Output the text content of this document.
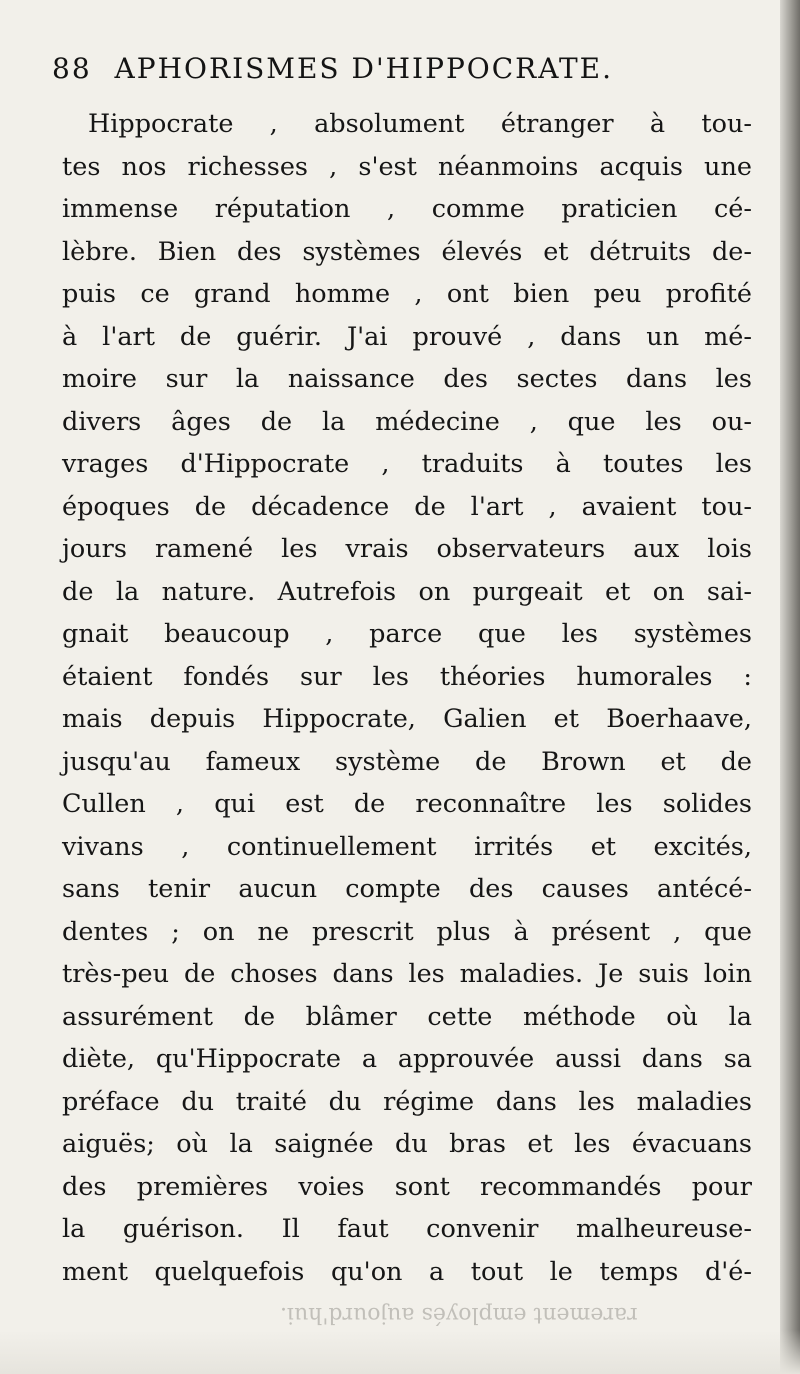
88 APHORISMES D'HIPPOCRATE.
Hippocrate , absolument étranger à tou-
tes nos richesses , s'est néanmoins acquis une
immense réputation , comme praticien cé-
lèbre. Bien des systèmes élevés et détruits de-
puis ce grand homme , ont bien peu profité
à l'art de guérir. J'ai prouvé , dans un mé-
moire sur la naissance des sectes dans les
divers âges de la médecine , que les ou-
vrages d'Hippocrate , traduits à toutes les
époques de décadence de l'art , avaient tou-
jours ramené les vrais observateurs aux lois
de la nature. Autrefois on purgeait et on sai-
gnait beaucoup , parce que les systèmes
étaient fondés sur les théories humorales :
mais depuis Hippocrate, Galien et Boerhaave,
jusqu'au fameux système de Brown et de
Cullen , qui est de reconnaître les solides
vivans , continuellement irrités et excités,
sans tenir aucun compte des causes antécé-
dentes ; on ne prescrit plus à présent , que
très-peu de choses dans les maladies. Je suis loin
assurément de blâmer cette méthode où la
diète, qu'Hippocrate a approuvée aussi dans sa
préface du traité du régime dans les maladies
aiguës; où la saignée du bras et les évacuans
des premières voies sont recommandés pour
la guérison. Il faut convenir malheureuse-
ment quelquefois qu'on a tout le temps d'é-
rarement employés aujourd'hui.
